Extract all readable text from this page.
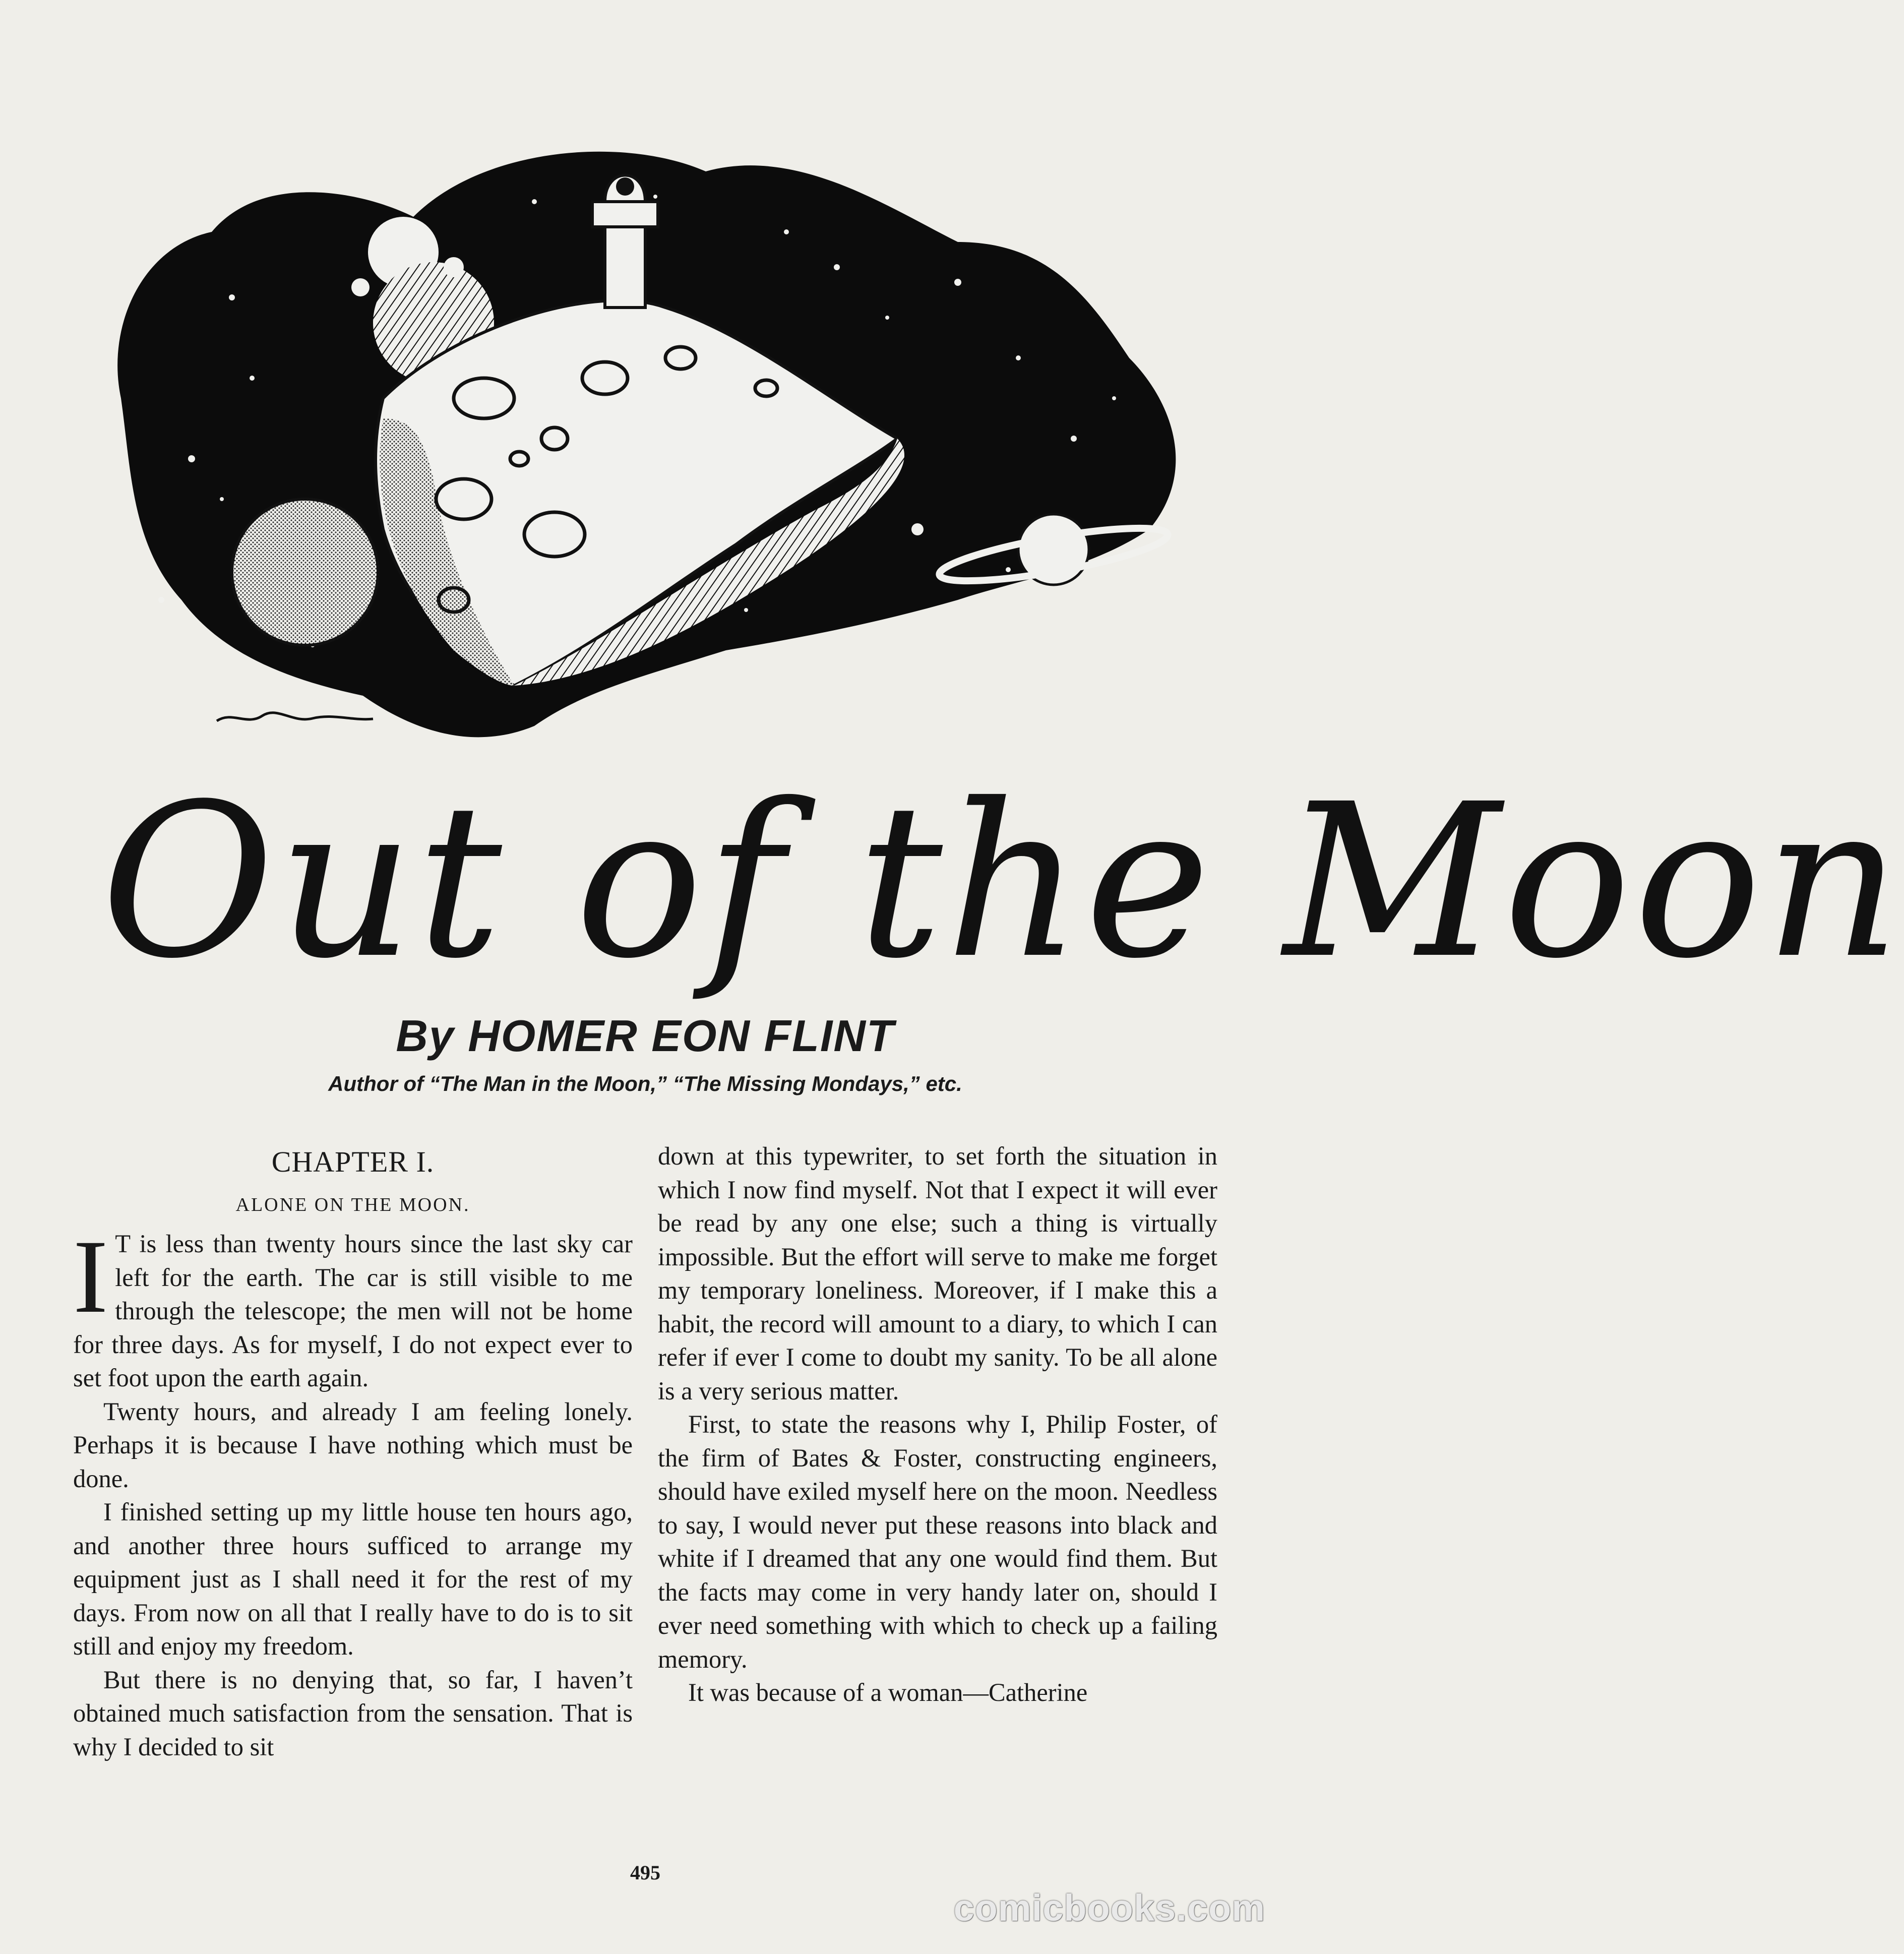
Out of the Moon
By HOMER EON FLINT
Author of “The Man in the Moon,” “The Missing Mondays,” etc.
CHAPTER I.
ALONE ON THE MOON.

I T is less than twenty hours since the last sky car left for the earth. The car is still visible to me through the telescope; the men will not be home for three days. As for myself, I do not expect ever to set foot upon the earth again.

Twenty hours, and already I am feeling lonely. Perhaps it is because I have nothing which must be done.

I finished setting up my little house ten hours ago, and another three hours sufficed to arrange my equipment just as I shall need it for the rest of my days. From now on all that I really have to do is to sit still and enjoy my freedom.

But there is no denying that, so far, I haven’t obtained much satisfaction from the sensation. That is why I decided to sit

down at this typewriter, to set forth the situation in which I now find myself. Not that I expect it will ever be read by any one else; such a thing is virtually impossible. But the effort will serve to make me forget my temporary loneliness. Moreover, if I make this a habit, the record will amount to a diary, to which I can refer if ever I come to doubt my sanity. To be all alone is a very serious matter.

First, to state the reasons why I, Philip Foster, of the firm of Bates & Foster, constructing engineers, should have exiled myself here on the moon. Needless to say, I would never put these reasons into black and white if I dreamed that any one would find them. But the facts may come in very handy later on, should I ever need something with which to check up a failing memory.

It was because of a woman—Catherine

495
comicbooks.com
